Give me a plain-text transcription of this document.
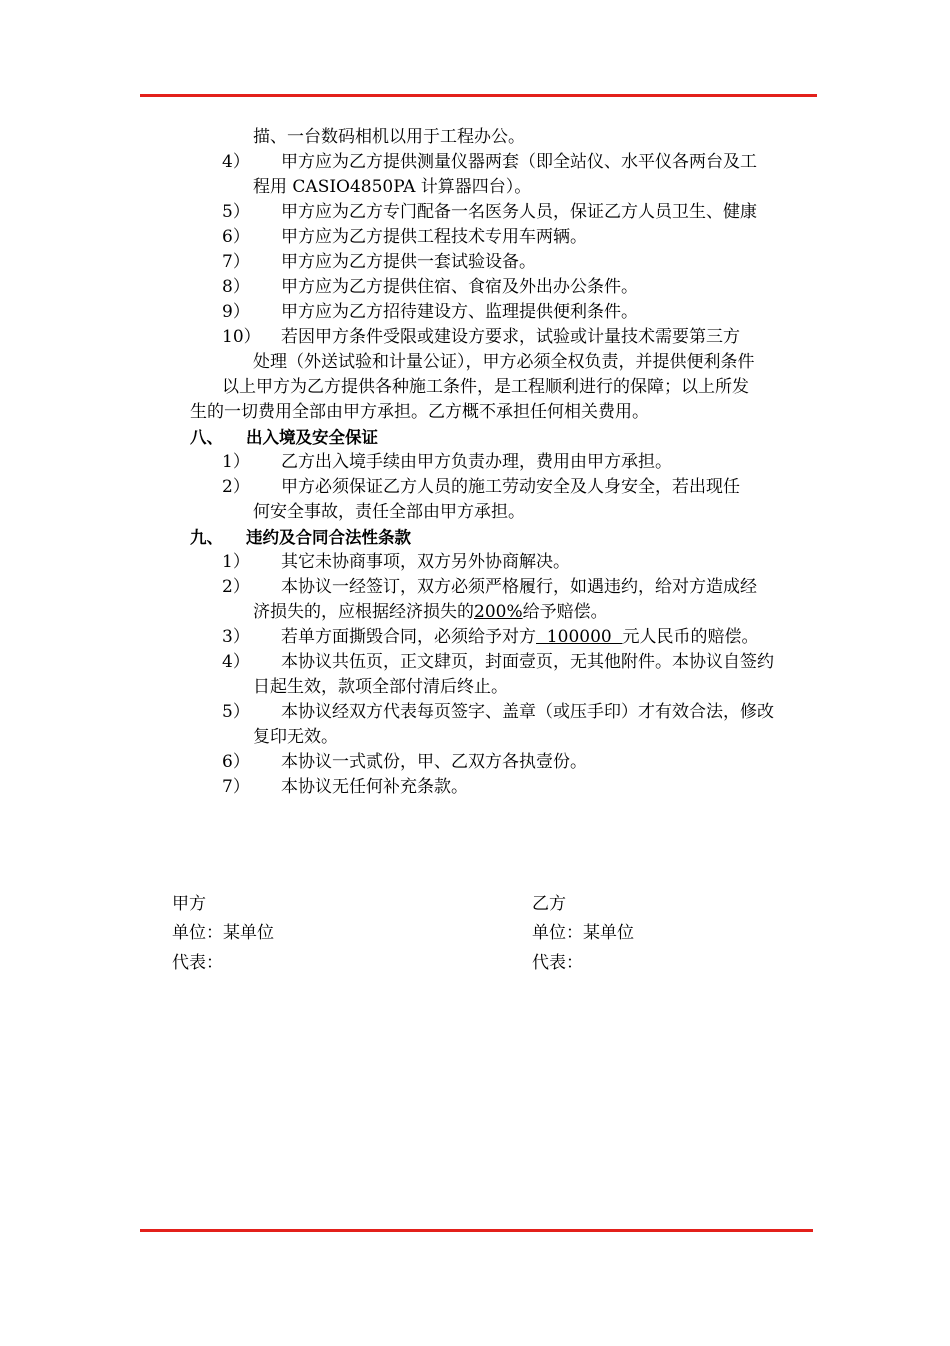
描、一台数码相机以用于工程办公。
4） 甲方应为乙方提供测量仪器两套（即全站仪、水平仪各两台及工
程用 CASIO4850PA 计算器四台）。
5） 甲方应为乙方专门配备一名医务人员，保证乙方人员卫生、健康
6） 甲方应为乙方提供工程技术专用车两辆。
7） 甲方应为乙方提供一套试验设备。
8） 甲方应为乙方提供住宿、食宿及外出办公条件。
9） 甲方应为乙方招待建设方、监理提供便利条件。
10） 若因甲方条件受限或建设方要求，试验或计量技术需要第三方
处理（外送试验和计量公证），甲方必须全权负责，并提供便利条件
以上甲方为乙方提供各种施工条件，是工程顺利进行的保障；以上所发
生的一切费用全部由甲方承担。乙方概不承担任何相关费用。
八、 出入境及安全保证
1） 乙方出入境手续由甲方负责办理，费用由甲方承担。
2） 甲方必须保证乙方人员的施工劳动安全及人身安全，若出现任
何安全事故，责任全部由甲方承担。
九、 违约及合同合法性条款
1） 其它未协商事项，双方另外协商解决。
2） 本协议一经签订，双方必须严格履行，如遇违约，给对方造成经
济损失的，应根据经济损失的200%给予赔偿。
3） 若单方面撕毁合同，必须给予对方  100000  元人民币的赔偿。
4） 本协议共伍页，正文肆页，封面壹页，无其他附件。本协议自签约
日起生效，款项全部付清后终止。
5） 本协议经双方代表每页签字、盖章（或压手印）才有效合法，修改
复印无效。
6） 本协议一式贰份，甲、乙双方各执壹份。
7） 本协议无任何补充条款。
甲方
单位：某单位
代表：
乙方
单位：某单位
代表：
